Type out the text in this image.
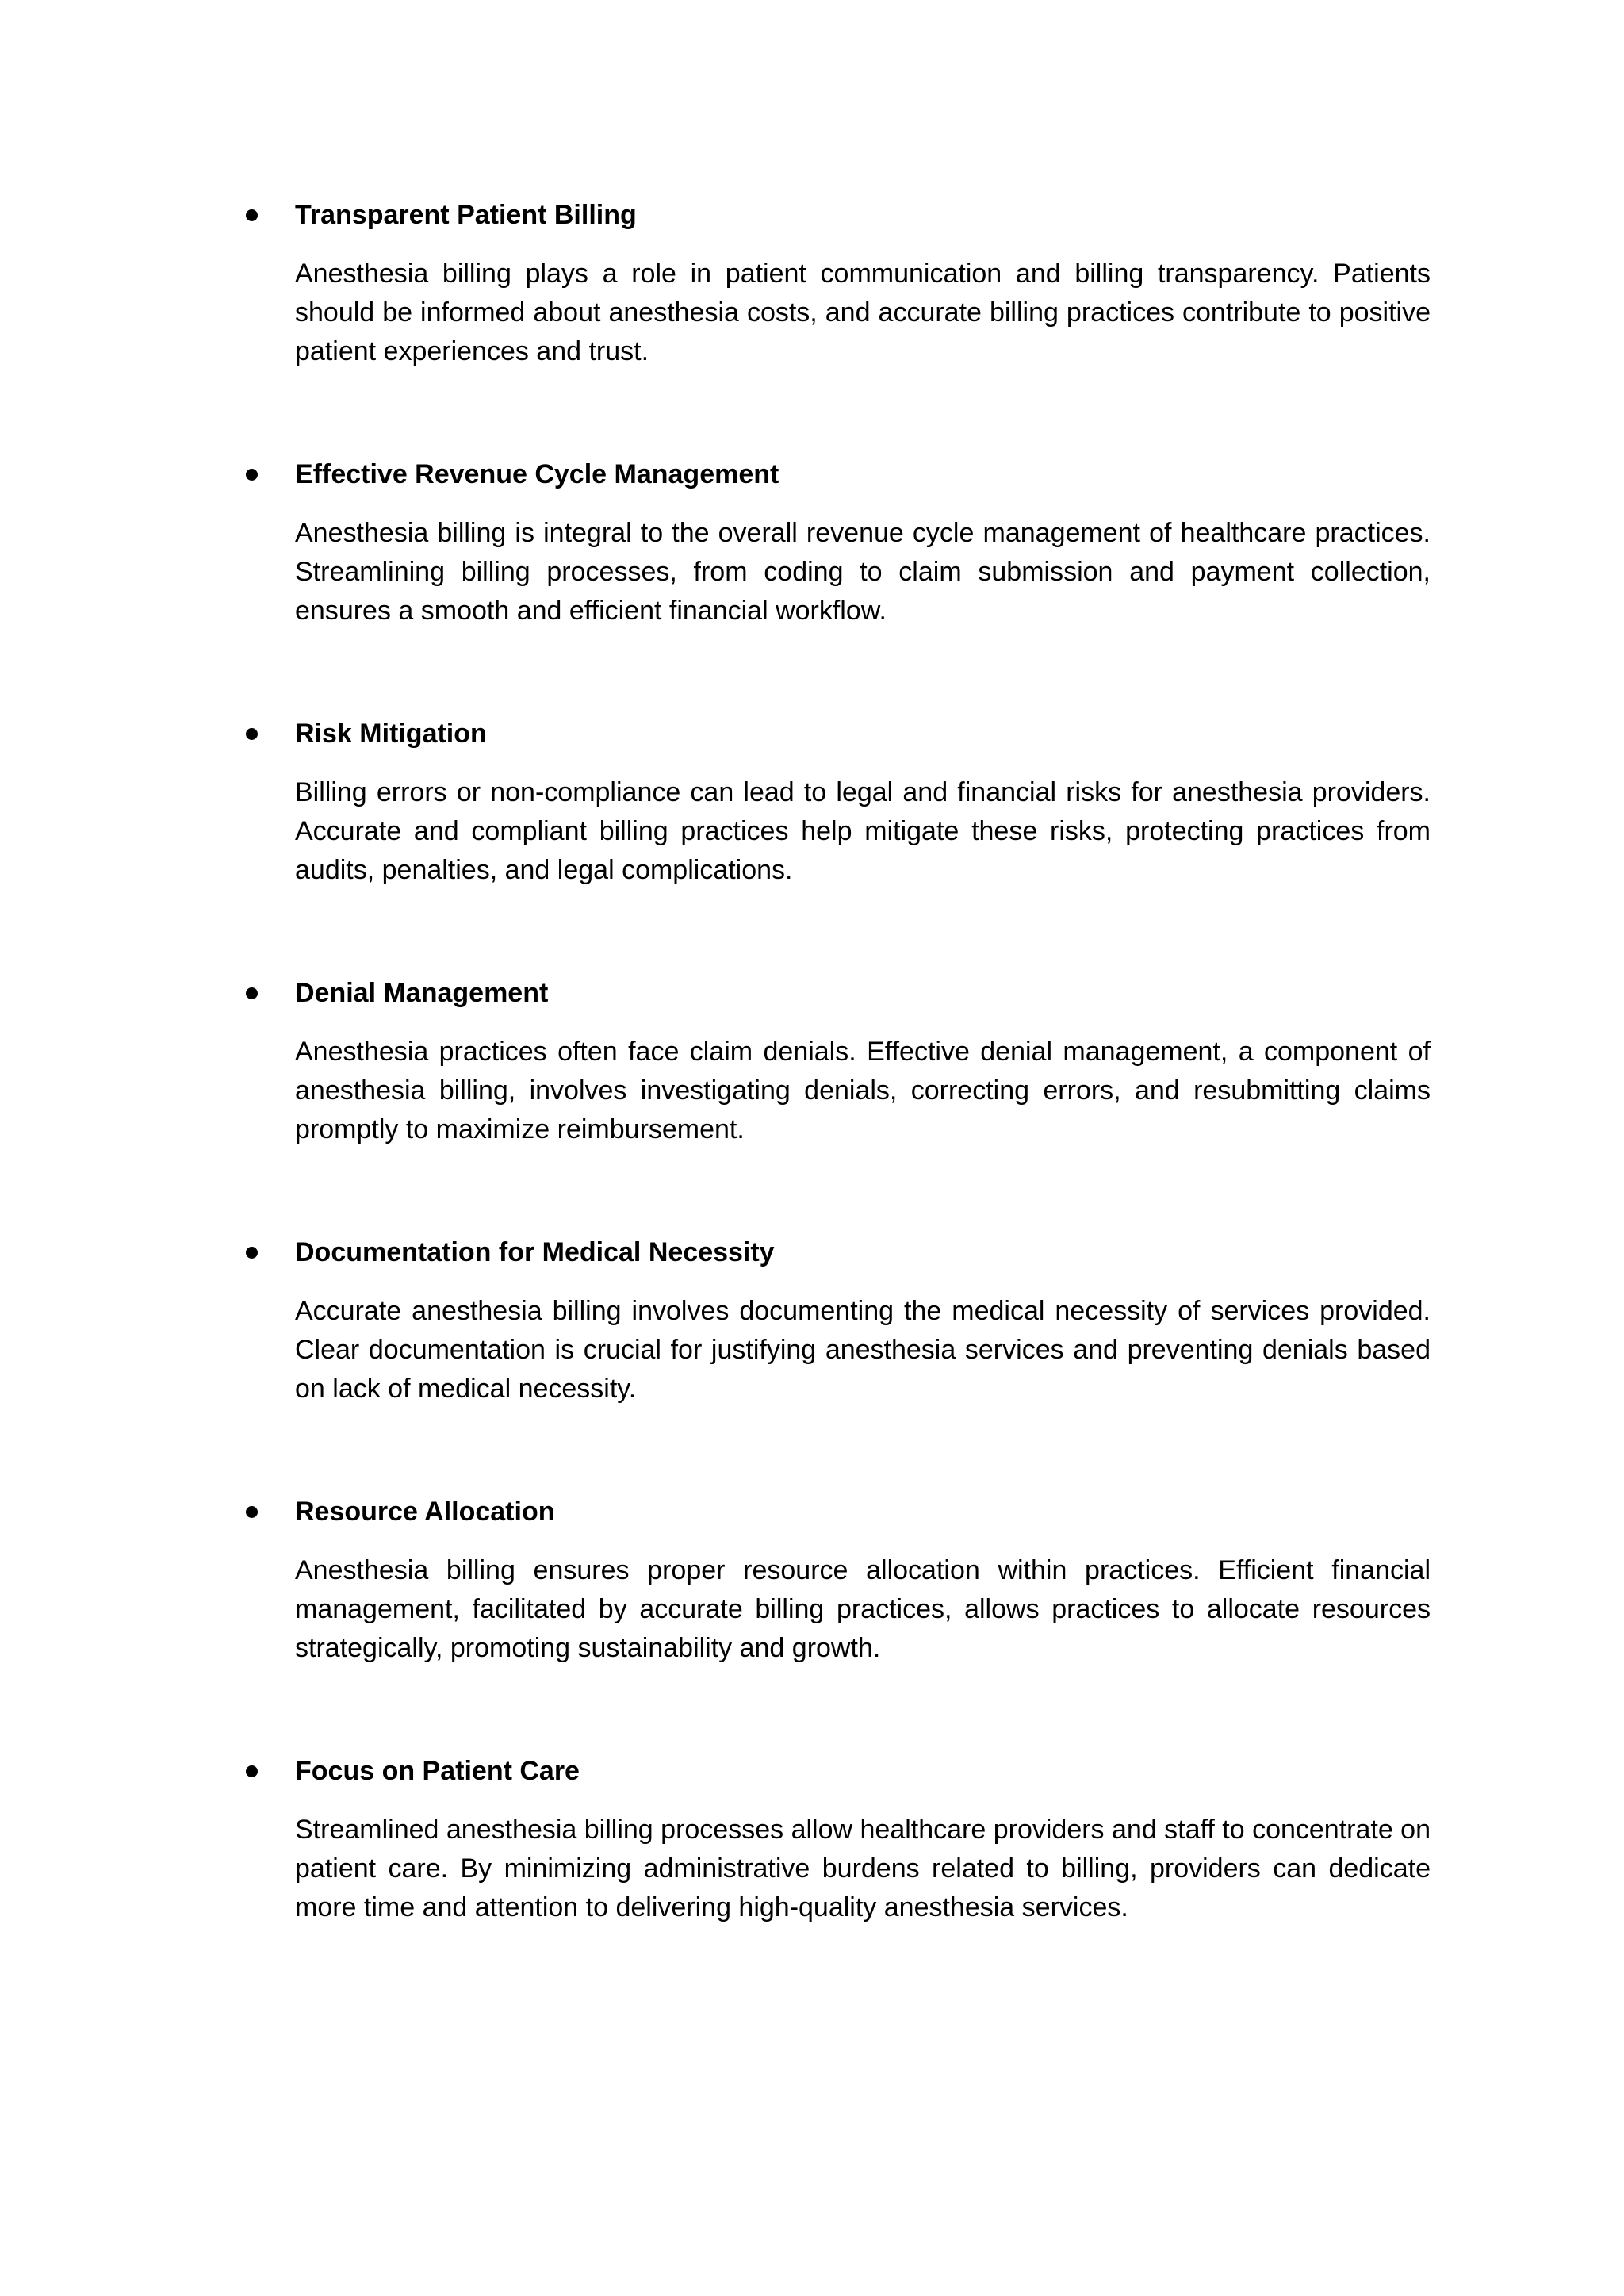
Transparent Patient Billing

Anesthesia billing plays a role in patient communication and billing transparency. Patients should be informed about anesthesia costs, and accurate billing practices contribute to positive patient experiences and trust.

Effective Revenue Cycle Management

Anesthesia billing is integral to the overall revenue cycle management of healthcare practices. Streamlining billing processes, from coding to claim submission and payment collection, ensures a smooth and efficient financial workflow.

Risk Mitigation

Billing errors or non-compliance can lead to legal and financial risks for anesthesia providers. Accurate and compliant billing practices help mitigate these risks, protecting practices from audits, penalties, and legal complications.

Denial Management

Anesthesia practices often face claim denials. Effective denial management, a component of anesthesia billing, involves investigating denials, correcting errors, and resubmitting claims promptly to maximize reimbursement.

Documentation for Medical Necessity

Accurate anesthesia billing involves documenting the medical necessity of services provided. Clear documentation is crucial for justifying anesthesia services and preventing denials based on lack of medical necessity.

Resource Allocation

Anesthesia billing ensures proper resource allocation within practices. Efficient financial management, facilitated by accurate billing practices, allows practices to allocate resources strategically, promoting sustainability and growth.

Focus on Patient Care

Streamlined anesthesia billing processes allow healthcare providers and staff to concentrate on patient care. By minimizing administrative burdens related to billing, providers can dedicate more time and attention to delivering high-quality anesthesia services.
